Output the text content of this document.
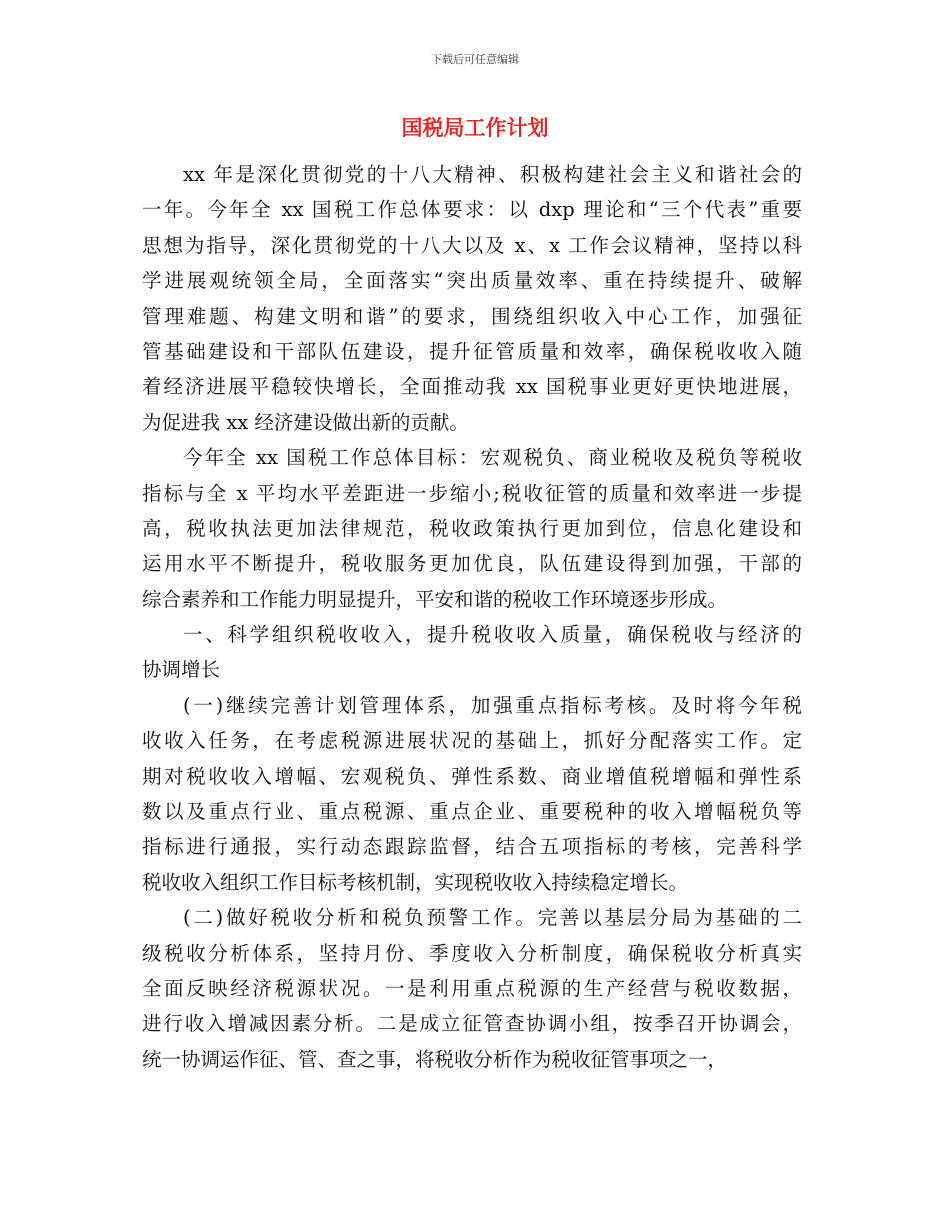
下载后可任意编辑
国税局工作计划
xx 年是深化贯彻党的十八大精神、积极构建社会主义和谐社会的
一年。今年全 xx 国税工作总体要求：以 dxp 理论和“三个代表”重要
思想为指导，深化贯彻党的十八大以及 x、x 工作会议精神，坚持以科
学进展观统领全局，全面落实“突出质量效率、重在持续提升、破解
管理难题、构建文明和谐”的要求，围绕组织收入中心工作，加强征
管基础建设和干部队伍建设，提升征管质量和效率，确保税收收入随
着经济进展平稳较快增长，全面推动我 xx 国税事业更好更快地进展，
为促进我 xx 经济建设做出新的贡献。
今年全 xx 国税工作总体目标：宏观税负、商业税收及税负等税收
指标与全 x 平均水平差距进一步缩小;税收征管的质量和效率进一步提
高，税收执法更加法律规范，税收政策执行更加到位，信息化建设和
运用水平不断提升，税收服务更加优良，队伍建设得到加强，干部的
综合素养和工作能力明显提升，平安和谐的税收工作环境逐步形成。
一、科学组织税收收入，提升税收收入质量，确保税收与经济的
协调增长
(一)继续完善计划管理体系，加强重点指标考核。及时将今年税
收收入任务，在考虑税源进展状况的基础上，抓好分配落实工作。定
期对税收收入增幅、宏观税负、弹性系数、商业增值税增幅和弹性系
数以及重点行业、重点税源、重点企业、重要税种的收入增幅税负等
指标进行通报，实行动态跟踪监督，结合五项指标的考核，完善科学
税收收入组织工作目标考核机制，实现税收收入持续稳定增长。
(二)做好税收分析和税负预警工作。完善以基层分局为基础的二
级税收分析体系，坚持月份、季度收入分析制度，确保税收分析真实
全面反映经济税源状况。一是利用重点税源的生产经营与税收数据，
进行收入增减因素分析。二是成立征管查协调小组，按季召开协调会，
统一协调运作征、管、查之事，将税收分析作为税收征管事项之一，
